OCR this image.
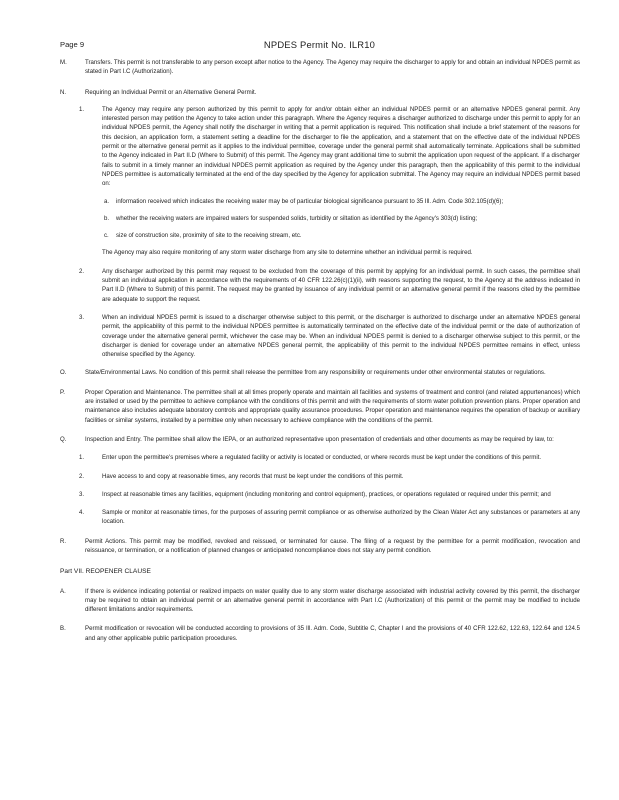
Page 9	NPDES Permit No. ILR10
M.	Transfers. This permit is not transferable to any person except after notice to the Agency. The Agency may require the discharger to apply for and obtain an individual NPDES permit as stated in Part I.C (Authorization).
N.	Requiring an Individual Permit or an Alternative General Permit.
1.	The Agency may require any person authorized by this permit to apply for and/or obtain either an individual NPDES permit or an alternative NPDES general permit. Any interested person may petition the Agency to take action under this paragraph. Where the Agency requires a discharger authorized to discharge under this permit to apply for an individual NPDES permit, the Agency shall notify the discharger in writing that a permit application is required. This notification shall include a brief statement of the reasons for this decision, an application form, a statement setting a deadline for the discharger to file the application, and a statement that on the effective date of the individual NPDES permit or the alternative general permit as it applies to the individual permittee, coverage under the general permit shall automatically terminate. Applications shall be submitted to the Agency indicated in Part II.D (Where to Submit) of this permit. The Agency may grant additional time to submit the application upon request of the applicant. If a discharger fails to submit in a timely manner an individual NPDES permit application as required by the Agency under this paragraph, then the applicability of this permit to the individual NPDES permittee is automatically terminated at the end of the day specified by the Agency for application submittal. The Agency may require an individual NPDES permit based on:
a. information received which indicates the receiving water may be of particular biological significance pursuant to 35 Ill. Adm. Code 302.105(d)(6);
b. whether the receiving waters are impaired waters for suspended solids, turbidity or siltation as identified by the Agency's 303(d) listing;
c. size of construction site, proximity of site to the receiving stream, etc.
The Agency may also require monitoring of any storm water discharge from any site to determine whether an individual permit is required.
2.	Any discharger authorized by this permit may request to be excluded from the coverage of this permit by applying for an individual permit. In such cases, the permittee shall submit an individual application in accordance with the requirements of 40 CFR 122.26(c)(1)(ii), with reasons supporting the request, to the Agency at the address indicated in Part II.D (Where to Submit) of this permit. The request may be granted by issuance of any individual permit or an alternative general permit if the reasons cited by the permittee are adequate to support the request.
3.	When an individual NPDES permit is issued to a discharger otherwise subject to this permit, or the discharger is authorized to discharge under an alternative NPDES general permit, the applicability of this permit to the individual NPDES permittee is automatically terminated on the effective date of the individual permit or the date of authorization of coverage under the alternative general permit, whichever the case may be. When an individual NPDES permit is denied to a discharger otherwise subject to this permit, or the discharger is denied for coverage under an alternative NPDES general permit, the applicability of this permit to the individual NPDES permittee remains in effect, unless otherwise specified by the Agency.
O.	State/Environmental Laws. No condition of this permit shall release the permittee from any responsibility or requirements under other environmental statutes or regulations.
P.	Proper Operation and Maintenance. The permittee shall at all times properly operate and maintain all facilities and systems of treatment and control (and related appurtenances) which are installed or used by the permittee to achieve compliance with the conditions of this permit and with the requirements of storm water pollution prevention plans. Proper operation and maintenance also includes adequate laboratory controls and appropriate quality assurance procedures. Proper operation and maintenance requires the operation of backup or auxiliary facilities or similar systems, installed by a permittee only when necessary to achieve compliance with the conditions of the permit.
Q.	Inspection and Entry. The permittee shall allow the IEPA, or an authorized representative upon presentation of credentials and other documents as may be required by law, to:
1.	Enter upon the permittee's premises where a regulated facility or activity is located or conducted, or where records must be kept under the conditions of this permit.
2.	Have access to and copy at reasonable times, any records that must be kept under the conditions of this permit.
3.	Inspect at reasonable times any facilities, equipment (including monitoring and control equipment), practices, or operations regulated or required under this permit; and
4.	Sample or monitor at reasonable times, for the purposes of assuring permit compliance or as otherwise authorized by the Clean Water Act any substances or parameters at any location.
R.	Permit Actions. This permit may be modified, revoked and reissued, or terminated for cause. The filing of a request by the permittee for a permit modification, revocation and reissuance, or termination, or a notification of planned changes or anticipated noncompliance does not stay any permit condition.
Part VII. REOPENER CLAUSE
A.	If there is evidence indicating potential or realized impacts on water quality due to any storm water discharge associated with industrial activity covered by this permit, the discharger may be required to obtain an individual permit or an alternative general permit in accordance with Part I.C (Authorization) of this permit or the permit may be modified to include different limitations and/or requirements.
B.	Permit modification or revocation will be conducted according to provisions of 35 Ill. Adm. Code, Subtitle C, Chapter I and the provisions of 40 CFR 122.62, 122.63, 122.64 and 124.5 and any other applicable public participation procedures.
